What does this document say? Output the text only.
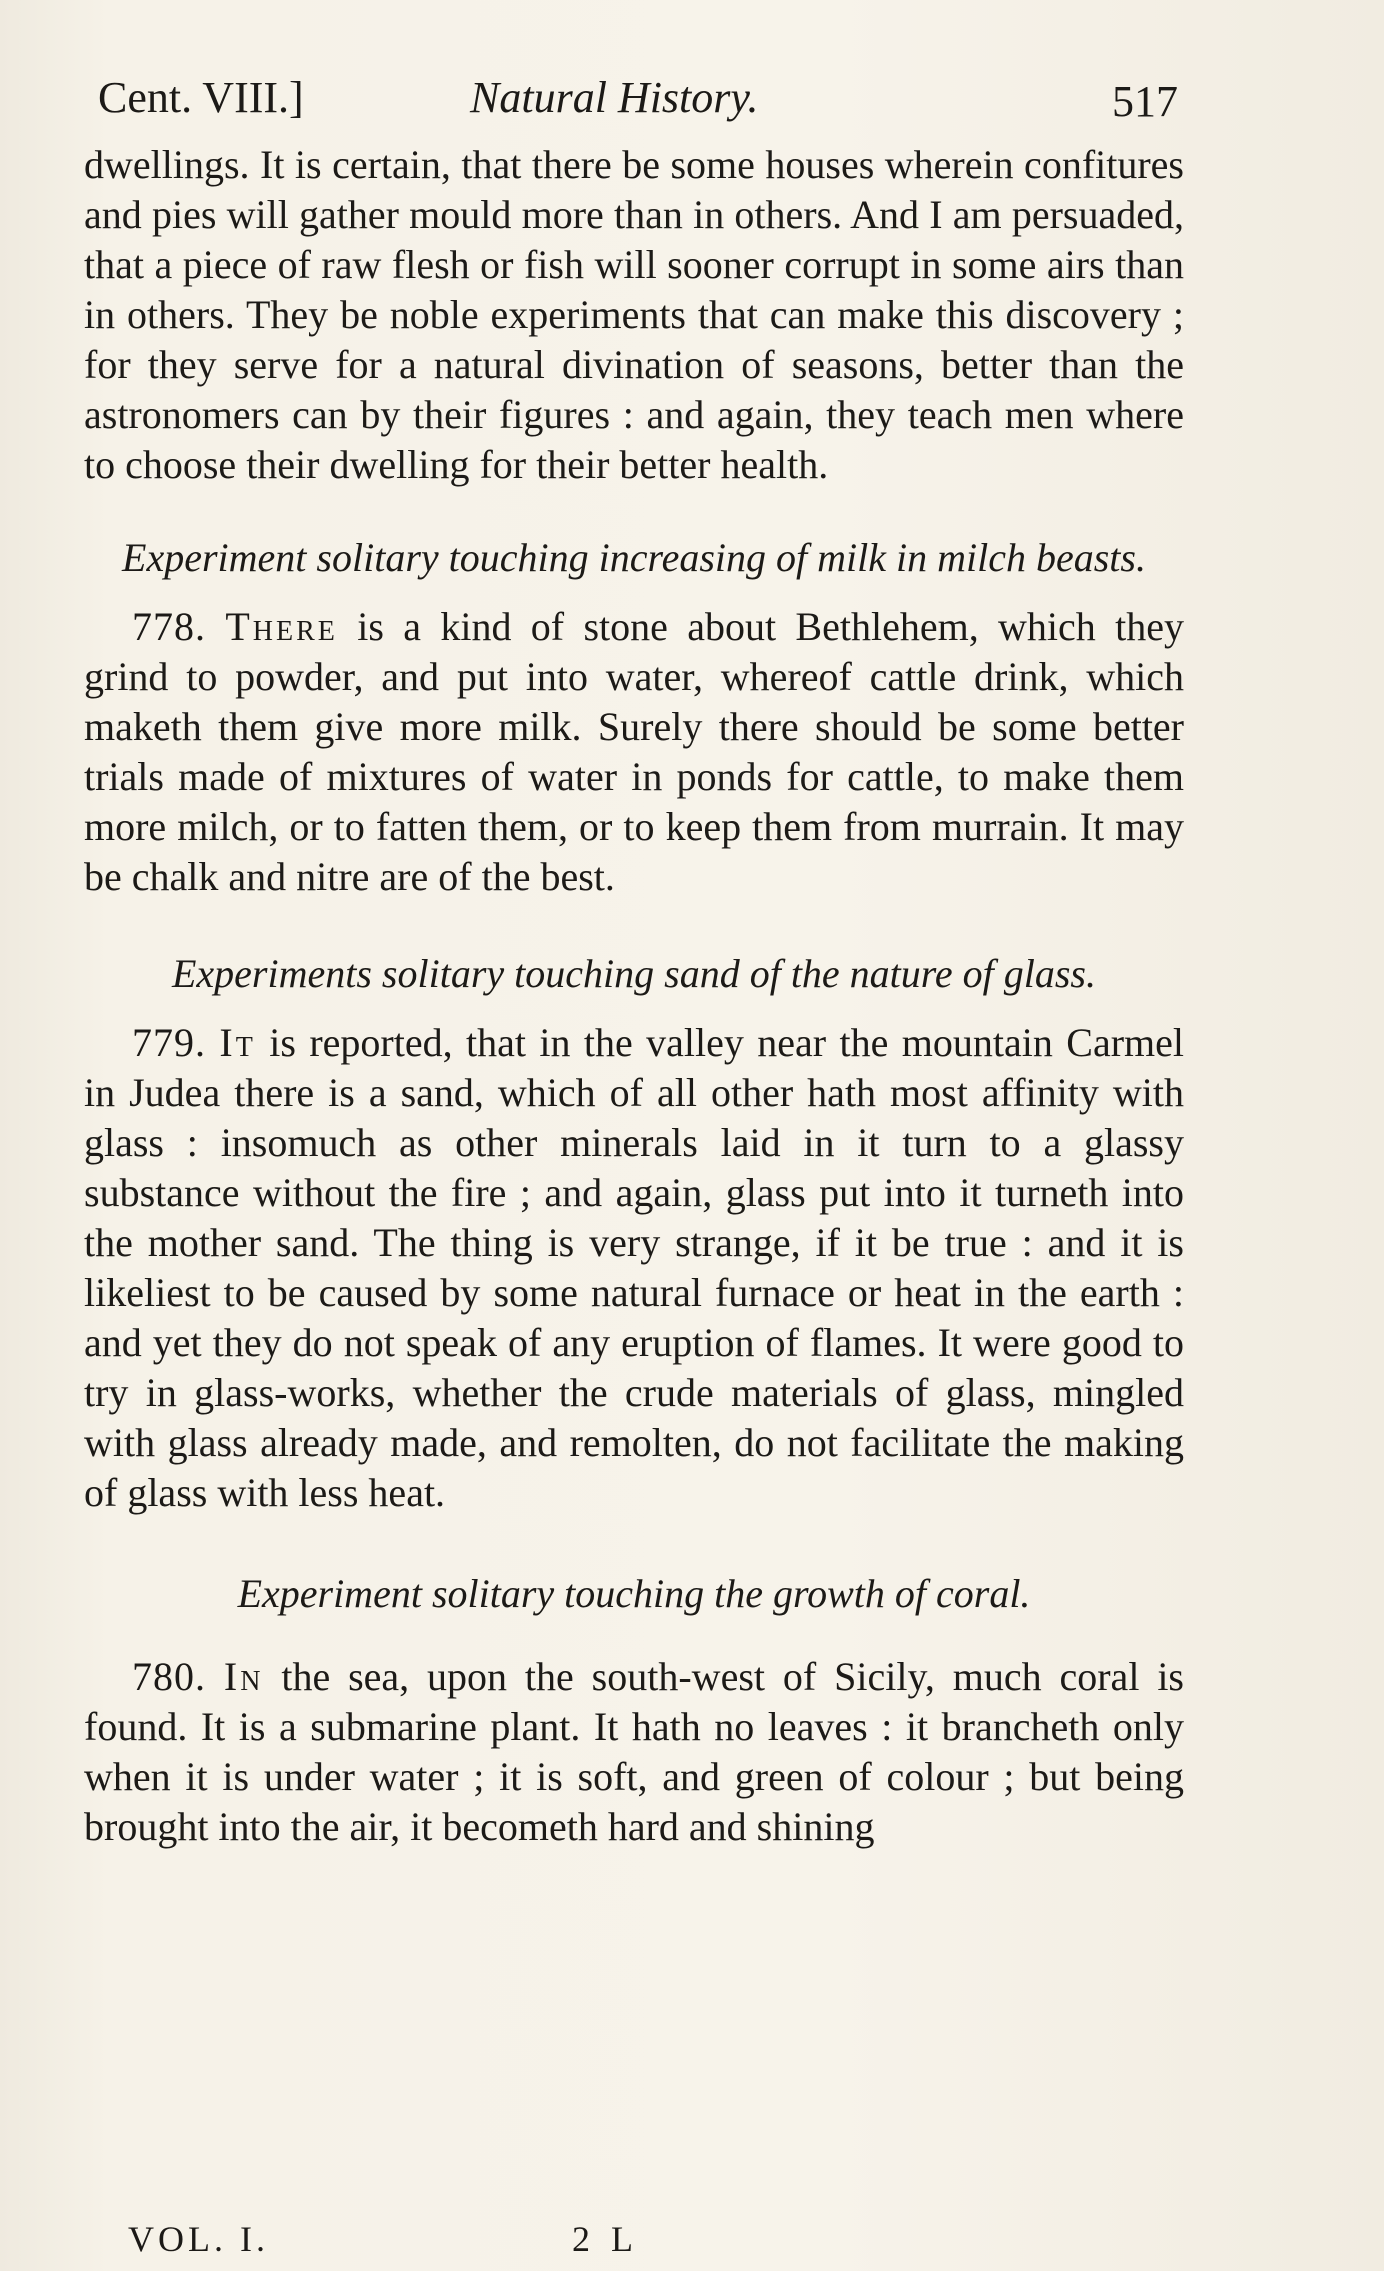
Cent. VIII.]	Natural History.	517

dwellings. It is certain, that there be some houses wherein confitures and pies will gather mould more than in others. And I am persuaded, that a piece of raw flesh or fish will sooner corrupt in some airs than in others. They be noble experiments that can make this discovery ; for they serve for a natural divination of seasons, better than the astronomers can by their figures : and again, they teach men where to choose their dwelling for their better health.

Experiment solitary touching increasing of milk in milch beasts.

778. There is a kind of stone about Bethlehem, which they grind to powder, and put into water, whereof cattle drink, which maketh them give more milk. Surely there should be some better trials made of mixtures of water in ponds for cattle, to make them more milch, or to fatten them, or to keep them from murrain. It may be chalk and nitre are of the best.

Experiments solitary touching sand of the nature of glass.

779. It is reported, that in the valley near the mountain Carmel in Judea there is a sand, which of all other hath most affinity with glass : insomuch as other minerals laid in it turn to a glassy substance without the fire ; and again, glass put into it turneth into the mother sand. The thing is very strange, if it be true : and it is likeliest to be caused by some natural furnace or heat in the earth : and yet they do not speak of any eruption of flames. It were good to try in glass-works, whether the crude materials of glass, mingled with glass already made, and remolten, do not facilitate the making of glass with less heat.

Experiment solitary touching the growth of coral.

780. In the sea, upon the south-west of Sicily, much coral is found. It is a submarine plant. It hath no leaves : it brancheth only when it is under water ; it is soft, and green of colour ; but being brought into the air, it becometh hard and shining

VOL. I.	2 L
